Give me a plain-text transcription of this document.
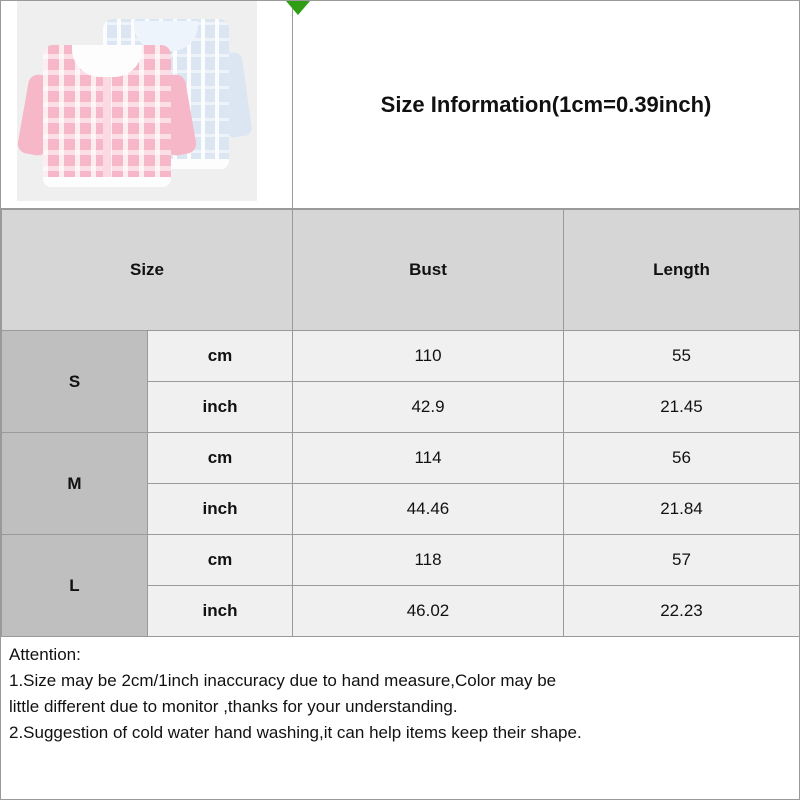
Size Information(1cm=0.39inch)
Size		Bust	Length
S	cm	110	55
	inch	42.9	21.45
M	cm	114	56
	inch	44.46	21.84
L	cm	118	57
	inch	46.02	22.23

Attention:

1.Size may be 2cm/1inch inaccuracy due to hand measure,Color may be

little different due to monitor ,thanks for your understanding.

2.Suggestion of cold water hand washing,it can help items keep their shape.
